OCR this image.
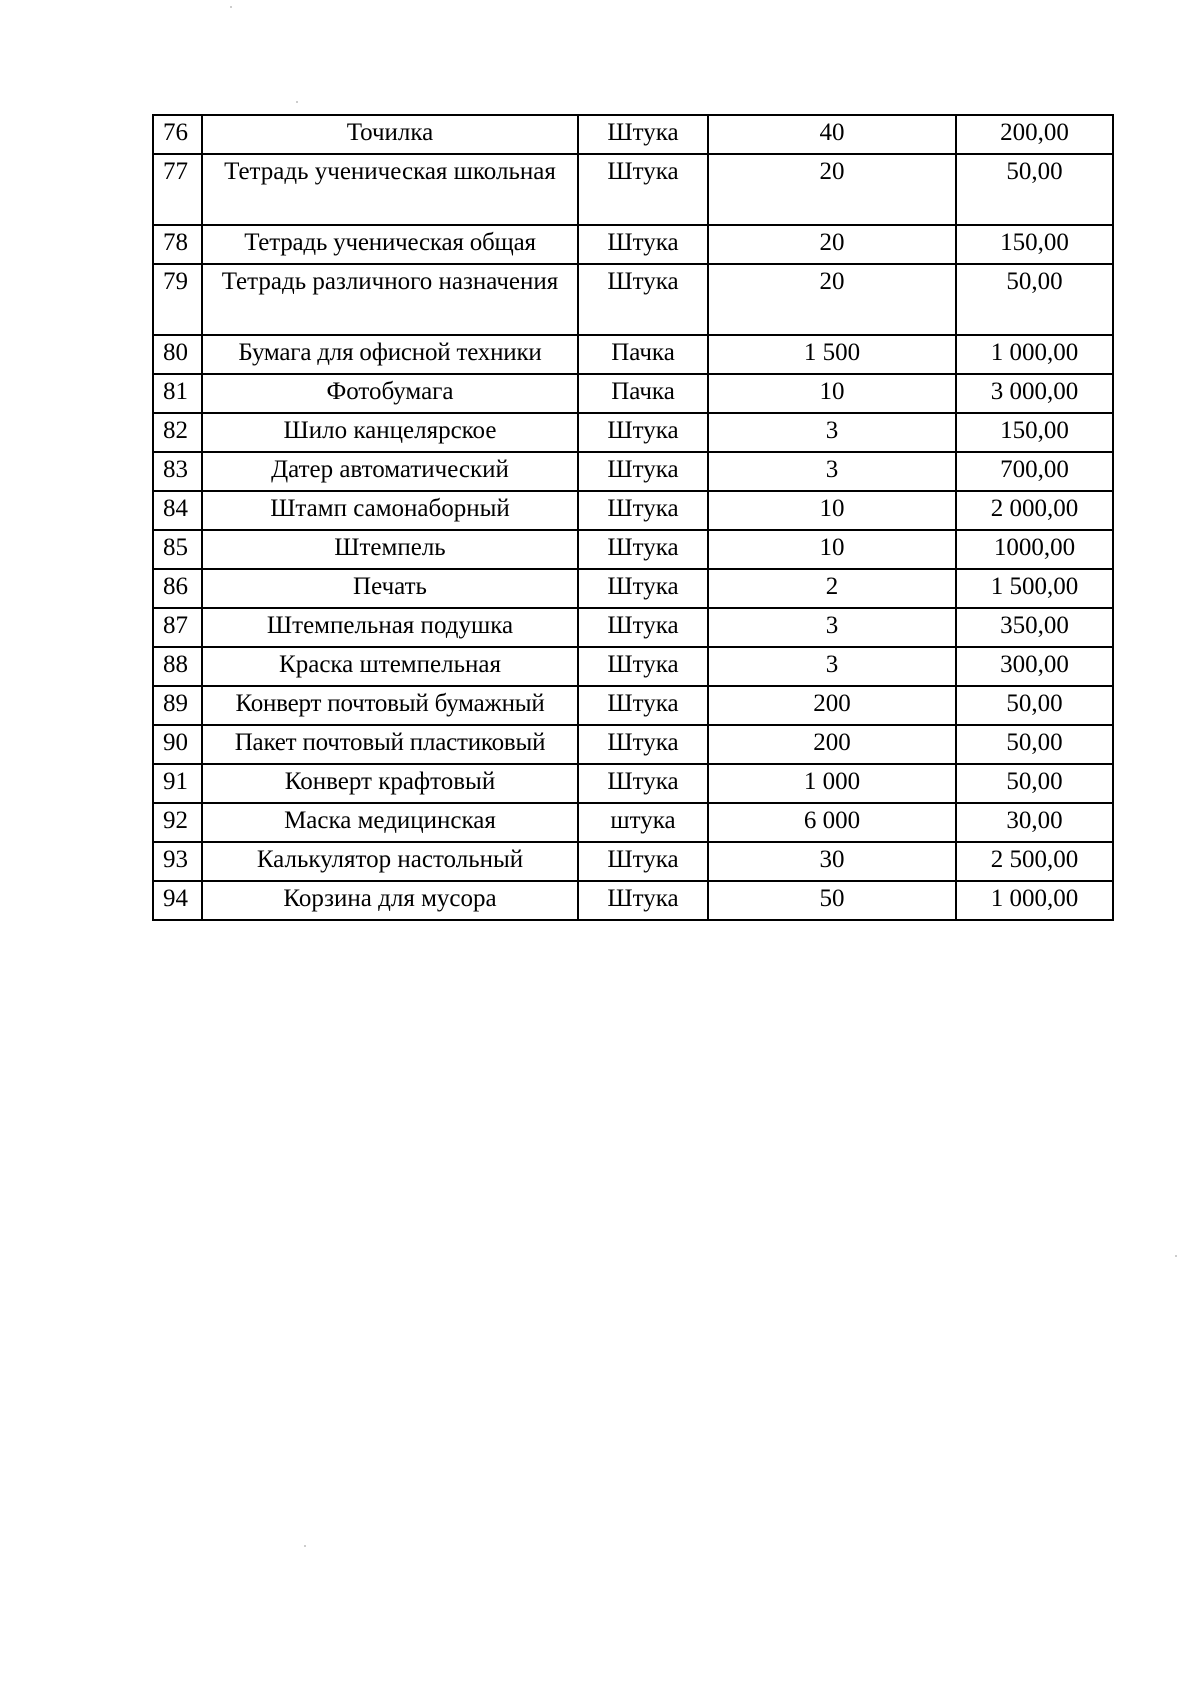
76	Точилка	Штука	40	200,00
77	Тетрадь ученическая школьная	Штука	20	50,00
78	Тетрадь ученическая общая	Штука	20	150,00
79	Тетрадь различного назначения	Штука	20	50,00
80	Бумага для офисной техники	Пачка	1 500	1 000,00
81	Фотобумага	Пачка	10	3 000,00
82	Шило канцелярское	Штука	3	150,00
83	Датер автоматический	Штука	3	700,00
84	Штамп самонаборный	Штука	10	2 000,00
85	Штемпель	Штука	10	1000,00
86	Печать	Штука	2	1 500,00
87	Штемпельная подушка	Штука	3	350,00
88	Краска штемпельная	Штука	3	300,00
89	Конверт почтовый бумажный	Штука	200	50,00
90	Пакет почтовый пластиковый	Штука	200	50,00
91	Конверт крафтовый	Штука	1 000	50,00
92	Маска медицинская	штука	6 000	30,00
93	Калькулятор настольный	Штука	30	2 500,00
94	Корзина для мусора	Штука	50	1 000,00
